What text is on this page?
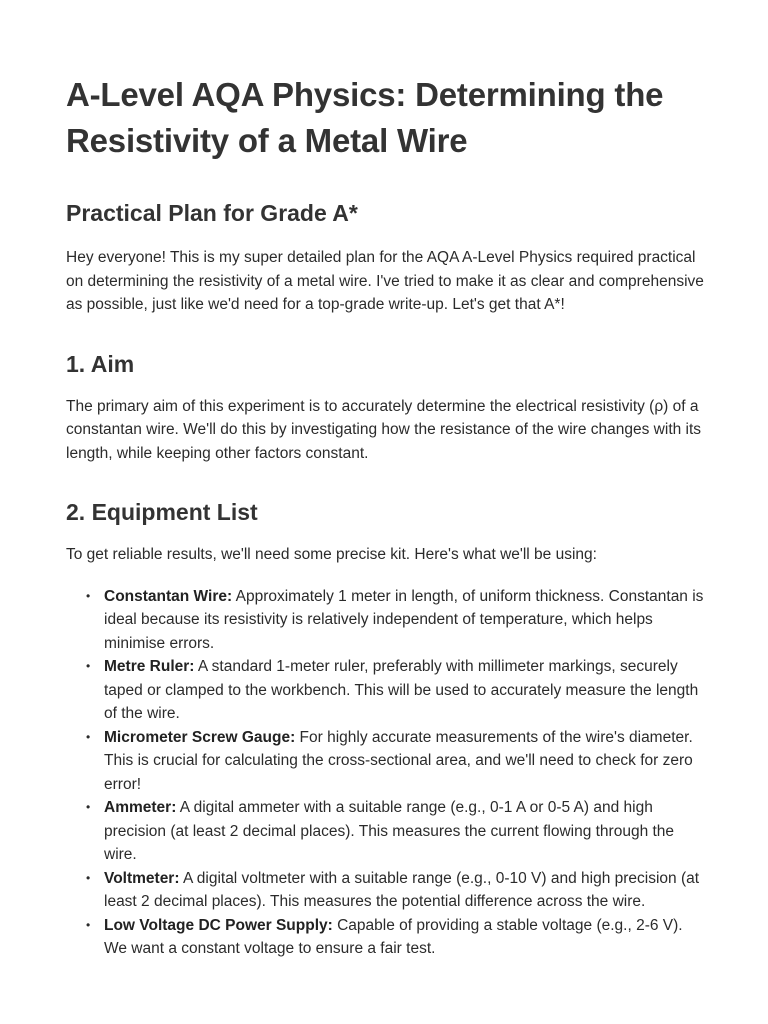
A-Level AQA Physics: Determining the Resistivity of a Metal Wire
Practical Plan for Grade A*

Hey everyone! This is my super detailed plan for the AQA A-Level Physics required practical on determining the resistivity of a metal wire. I've tried to make it as clear and comprehensive as possible, just like we'd need for a top-grade write-up. Let's get that A*!

1. Aim

The primary aim of this experiment is to accurately determine the electrical resistivity (ρ) of a constantan wire. We'll do this by investigating how the resistance of the wire changes with its length, while keeping other factors constant.

2. Equipment List

To get reliable results, we'll need some precise kit. Here's what we'll be using:

• Constantan Wire: Approximately 1 meter in length, of uniform thickness. Constantan is ideal because its resistivity is relatively independent of temperature, which helps minimise errors.
• Metre Ruler: A standard 1-meter ruler, preferably with millimeter markings, securely taped or clamped to the workbench. This will be used to accurately measure the length of the wire.
• Micrometer Screw Gauge: For highly accurate measurements of the wire's diameter. This is crucial for calculating the cross-sectional area, and we'll need to check for zero error!
• Ammeter: A digital ammeter with a suitable range (e.g., 0-1 A or 0-5 A) and high precision (at least 2 decimal places). This measures the current flowing through the wire.
• Voltmeter: A digital voltmeter with a suitable range (e.g., 0-10 V) and high precision (at least 2 decimal places). This measures the potential difference across the wire.
• Low Voltage DC Power Supply: Capable of providing a stable voltage (e.g., 2-6 V). We want a constant voltage to ensure a fair test.
